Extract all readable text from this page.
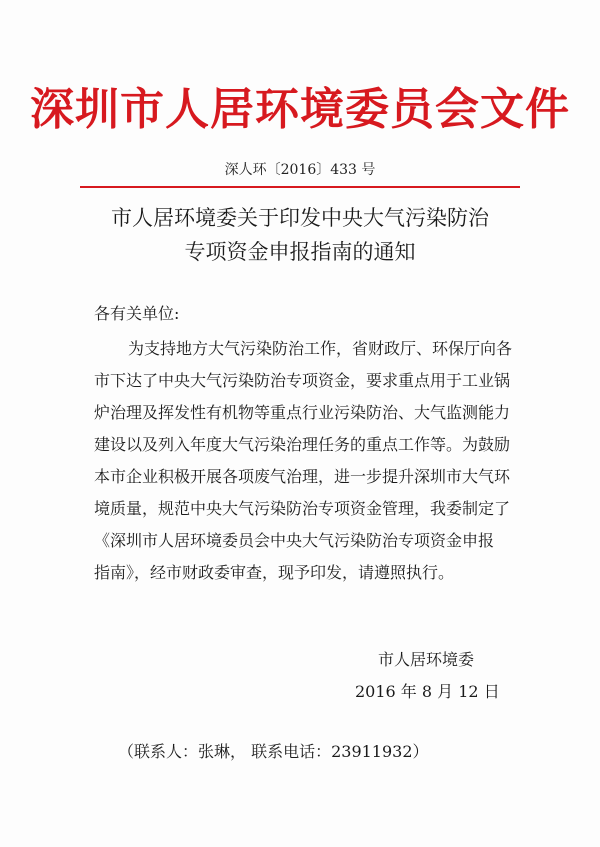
深圳市人居环境委员会文件
深人环〔2016〕433 号
市人居环境委关于印发中央大气污染防治
专项资金申报指南的通知
各有关单位:
为支持地方大气污染防治工作，省财政厅、环保厅向各
市下达了中央大气污染防治专项资金，要求重点用于工业锅
炉治理及挥发性有机物等重点行业污染防治、大气监测能力
建设以及列入年度大气污染治理任务的重点工作等。为鼓励
本市企业积极开展各项废气治理，进一步提升深圳市大气环
境质量，规范中央大气污染防治专项资金管理，我委制定了
《深圳市人居环境委员会中央大气污染防治专项资金申报
指南》，经市财政委审查，现予印发，请遵照执行。
市人居环境委
2016 年 8 月 12 日
（联系人：张琳， 联系电话：23911932）
